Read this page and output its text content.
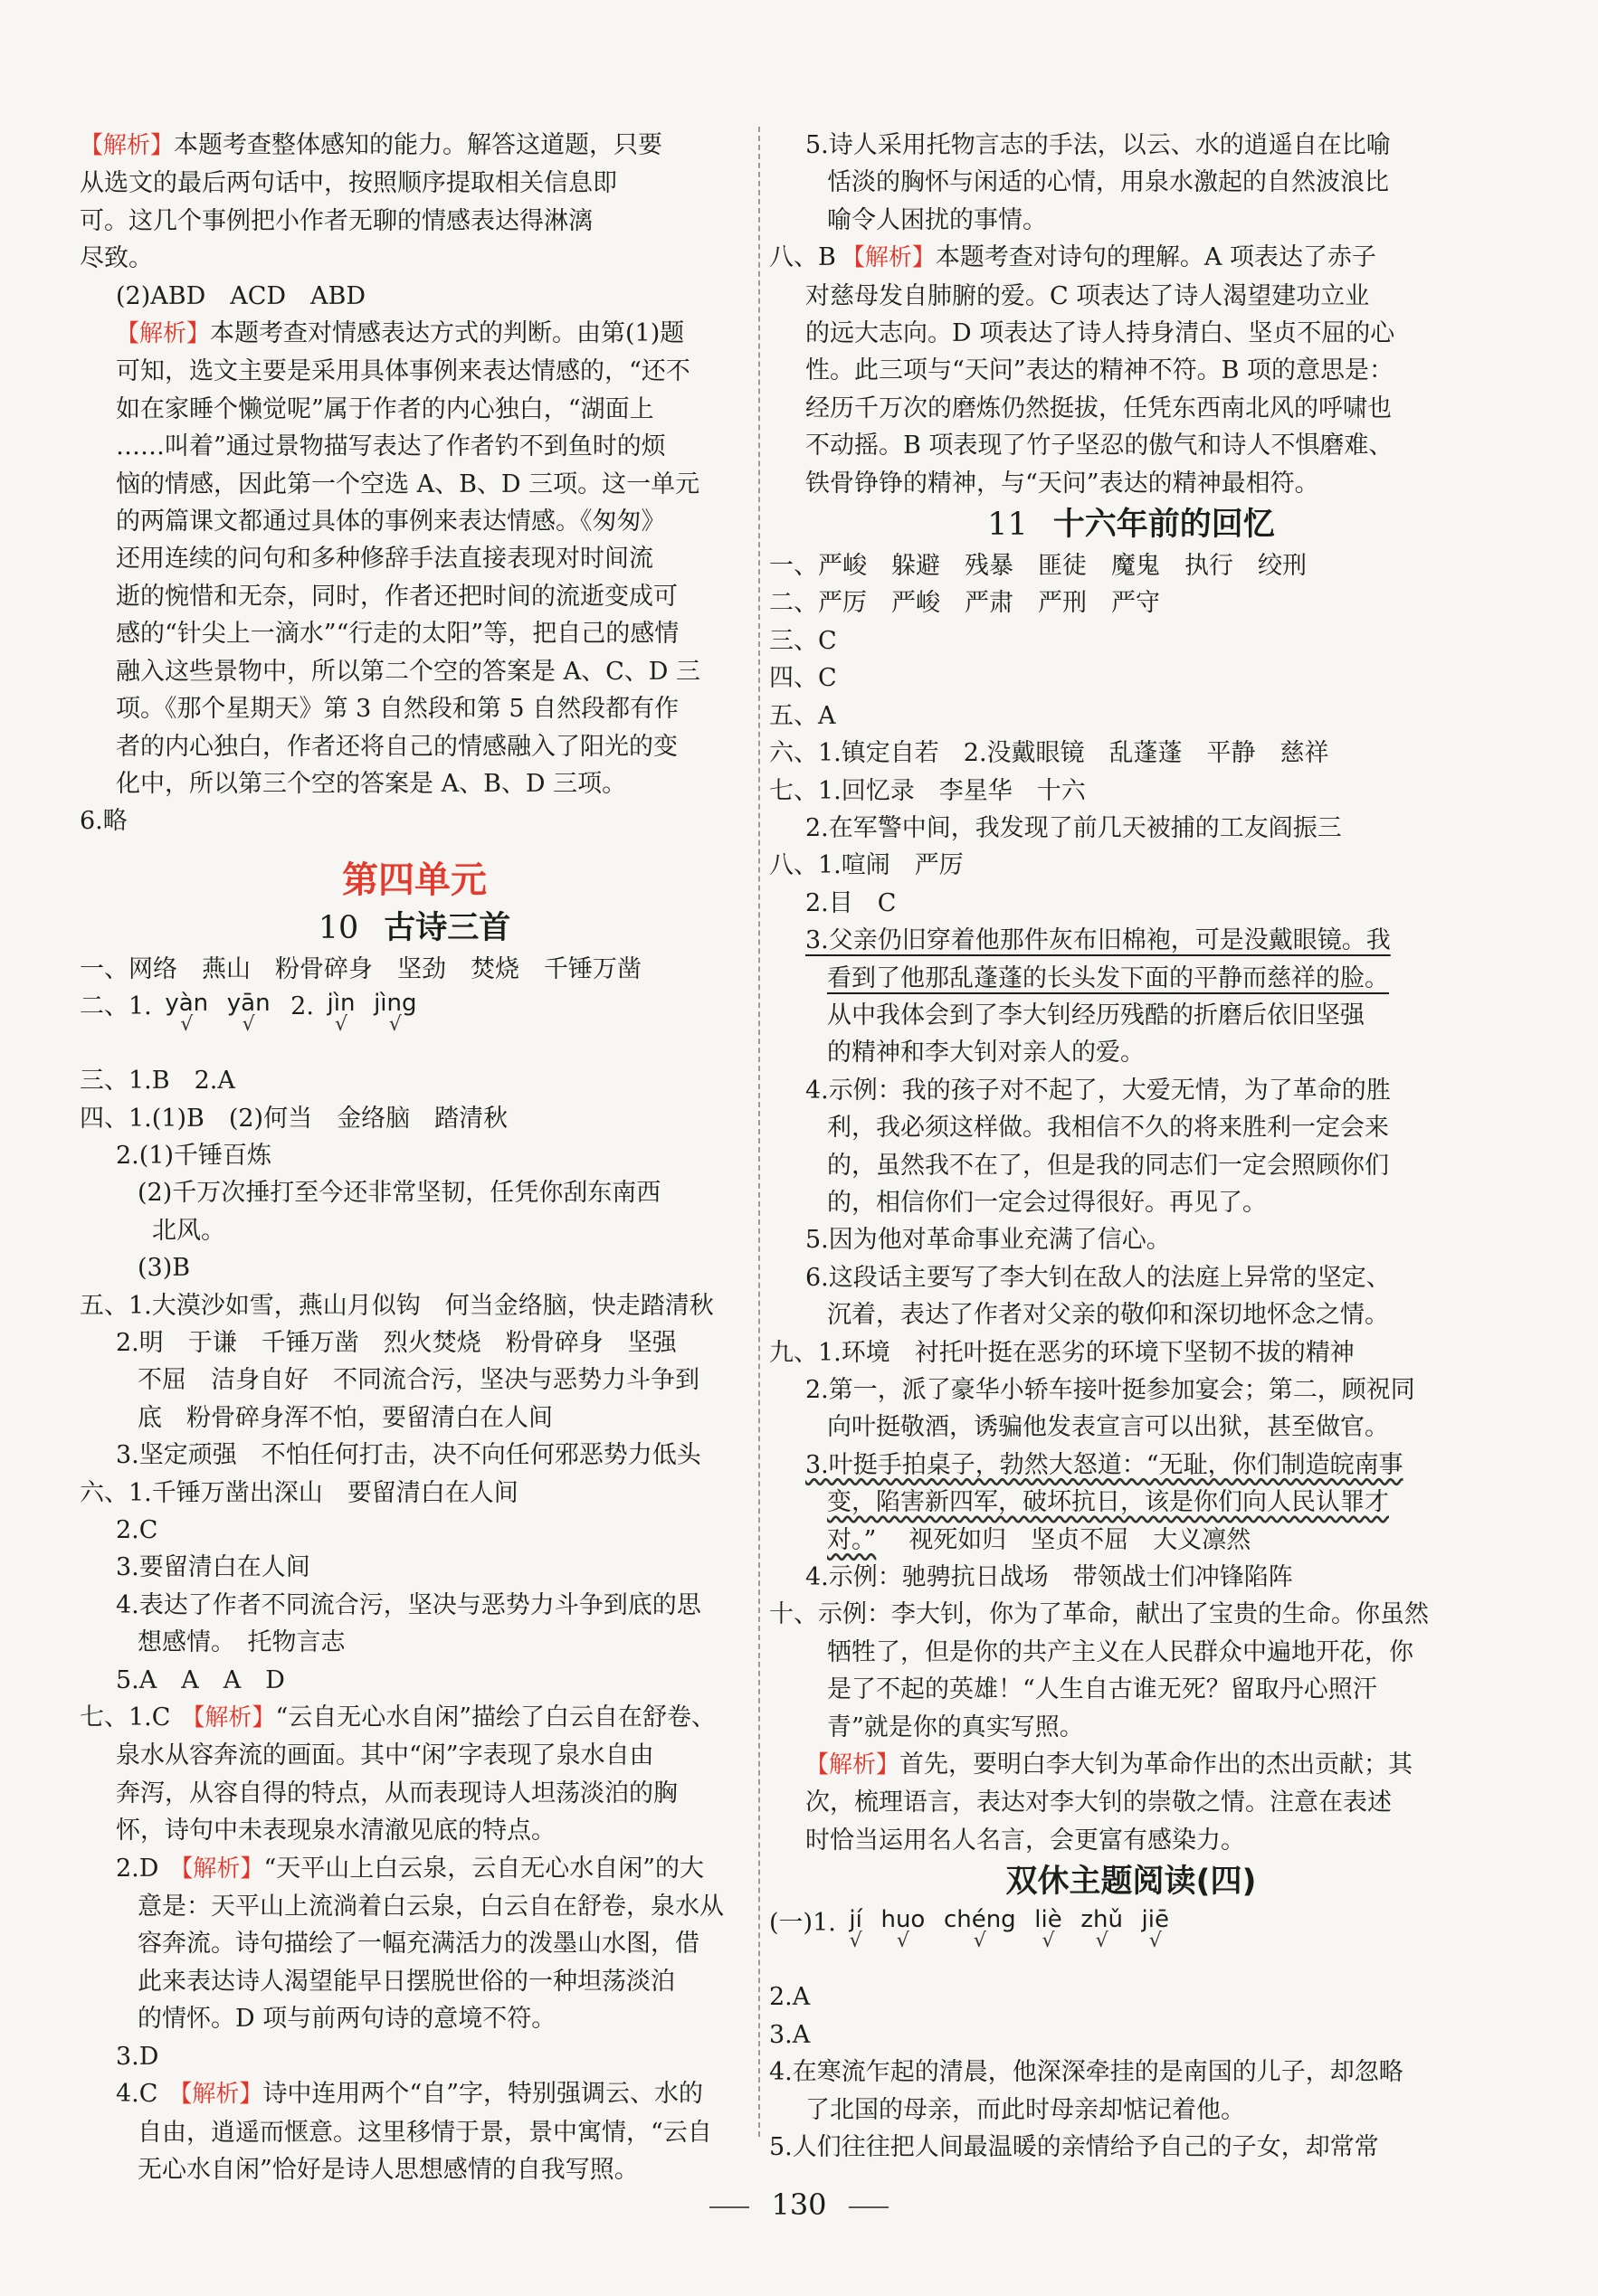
【解析】本题考查整体感知的能力。解答这道题，只要
从选文的最后两句话中，按照顺序提取相关信息即
可。这几个事例把小作者无聊的情感表达得淋漓
尽致。
(2)ABD　ACD　ABD
【解析】本题考查对情感表达方式的判断。由第(1)题
可知，选文主要是采用具体事例来表达情感的，“还不
如在家睡个懒觉呢”属于作者的内心独白，“湖面上
……叫着”通过景物描写表达了作者钓不到鱼时的烦
恼的情感，因此第一个空选 A、B、D 三项。这一单元
的两篇课文都通过具体的事例来表达情感。《匆匆》
还用连续的问句和多种修辞手法直接表现对时间流
逝的惋惜和无奈，同时，作者还把时间的流逝变成可
感的“针尖上一滴水”“行走的太阳”等，把自己的感情
融入这些景物中，所以第二个空的答案是 A、C、D 三
项。《那个星期天》第 3 自然段和第 5 自然段都有作
者的内心独白，作者还将自己的情感融入了阳光的变
化中，所以第三个空的答案是 A、B、D 三项。
6.略
第四单元
10 古诗三首
一、网络　燕山　粉骨碎身　坚劲　焚烧　千锤万凿
二、1. yàn
√
yān
√
2. jìn
√
jìng
√
三、1.B　2.A
四、1.(1)B　(2)何当　金络脑　踏清秋
2.(1)千锤百炼
(2)千万次捶打至今还非常坚韧，任凭你刮东南西
北风。
(3)B
五、1.大漠沙如雪，燕山月似钩　何当金络脑，快走踏清秋
2.明　于谦　千锤万凿　烈火焚烧　粉骨碎身　坚强
不屈　洁身自好　不同流合污，坚决与恶势力斗争到
底　粉骨碎身浑不怕，要留清白在人间
3.坚定顽强　不怕任何打击，决不向任何邪恶势力低头
六、1.千锤万凿出深山　要留清白在人间
2.C
3.要留清白在人间
4.表达了作者不同流合污，坚决与恶势力斗争到底的思
想感情。　托物言志
5.A　A　A　D
七、1.C 【解析】“云自无心水自闲”描绘了白云自在舒卷、
泉水从容奔流的画面。其中“闲”字表现了泉水自由
奔泻，从容自得的特点，从而表现诗人坦荡淡泊的胸
怀，诗句中未表现泉水清澈见底的特点。
2.D 【解析】“天平山上白云泉，云自无心水自闲”的大
意是：天平山上流淌着白云泉，白云自在舒卷，泉水从
容奔流。诗句描绘了一幅充满活力的泼墨山水图，借
此来表达诗人渴望能早日摆脱世俗的一种坦荡淡泊
的情怀。D 项与前两句诗的意境不符。
3.D
4.C 【解析】诗中连用两个“自”字，特别强调云、水的
自由，逍遥而惬意。这里移情于景，景中寓情，“云自
无心水自闲”恰好是诗人思想感情的自我写照。
5.诗人采用托物言志的手法，以云、水的逍遥自在比喻
恬淡的胸怀与闲适的心情，用泉水激起的自然波浪比
喻令人困扰的事情。
八、B 【解析】本题考查对诗句的理解。A 项表达了赤子
对慈母发自肺腑的爱。C 项表达了诗人渴望建功立业
的远大志向。D 项表达了诗人持身清白、坚贞不屈的心
性。此三项与“天问”表达的精神不符。B 项的意思是：
经历千万次的磨炼仍然挺拔，任凭东西南北风的呼啸也
不动摇。B 项表现了竹子坚忍的傲气和诗人不惧磨难、
铁骨铮铮的精神，与“天问”表达的精神最相符。
11 十六年前的回忆
一、严峻　躲避　残暴　匪徒　魔鬼　执行　绞刑
二、严厉　严峻　严肃　严刑　严守
三、C
四、C
五、A
六、1.镇定自若　2.没戴眼镜　乱蓬蓬　平静　慈祥
七、1.回忆录　李星华　十六
2.在军警中间，我发现了前几天被捕的工友阎振三
八、1.喧闹　严厉
2.目　C
3.父亲仍旧穿着他那件灰布旧棉袍，可是没戴眼镜。我
看到了他那乱蓬蓬的长头发下面的平静而慈祥的脸。
从中我体会到了李大钊经历残酷的折磨后依旧坚强
的精神和李大钊对亲人的爱。
4.示例：我的孩子对不起了，大爱无情，为了革命的胜
利，我必须这样做。我相信不久的将来胜利一定会来
的，虽然我不在了，但是我的同志们一定会照顾你们
的，相信你们一定会过得很好。再见了。
5.因为他对革命事业充满了信心。
6.这段话主要写了李大钊在敌人的法庭上异常的坚定、
沉着，表达了作者对父亲的敬仰和深切地怀念之情。
九、1.环境　衬托叶挺在恶劣的环境下坚韧不拔的精神
2.第一，派了豪华小轿车接叶挺参加宴会；第二，顾祝同
向叶挺敬酒，诱骗他发表宣言可以出狱，甚至做官。
3.叶挺手拍桌子，勃然大怒道：“无耻，你们制造皖南事
变，陷害新四军，破坏抗日，该是你们向人民认罪才
对。” 视死如归　坚贞不屈　大义凛然
4.示例：驰骋抗日战场　带领战士们冲锋陷阵
十、示例：李大钊，你为了革命，献出了宝贵的生命。你虽然
牺牲了，但是你的共产主义在人民群众中遍地开花，你
是了不起的英雄！“人生自古谁无死？留取丹心照汗
青”就是你的真实写照。
【解析】首先，要明白李大钊为革命作出的杰出贡献；其
次，梳理语言，表达对李大钊的崇敬之情。注意在表述
时恰当运用名人名言，会更富有感染力。
双休主题阅读(四)
(一)1. jí
√
huo
√
chéng
√
liè
√
zhǔ
√
jiē
√
2.A
3.A
4.在寒流乍起的清晨，他深深牵挂的是南国的儿子，却忽略
了北国的母亲，而此时母亲却惦记着他。
5.人们往往把人间最温暖的亲情给予自己的子女，却常常
130
